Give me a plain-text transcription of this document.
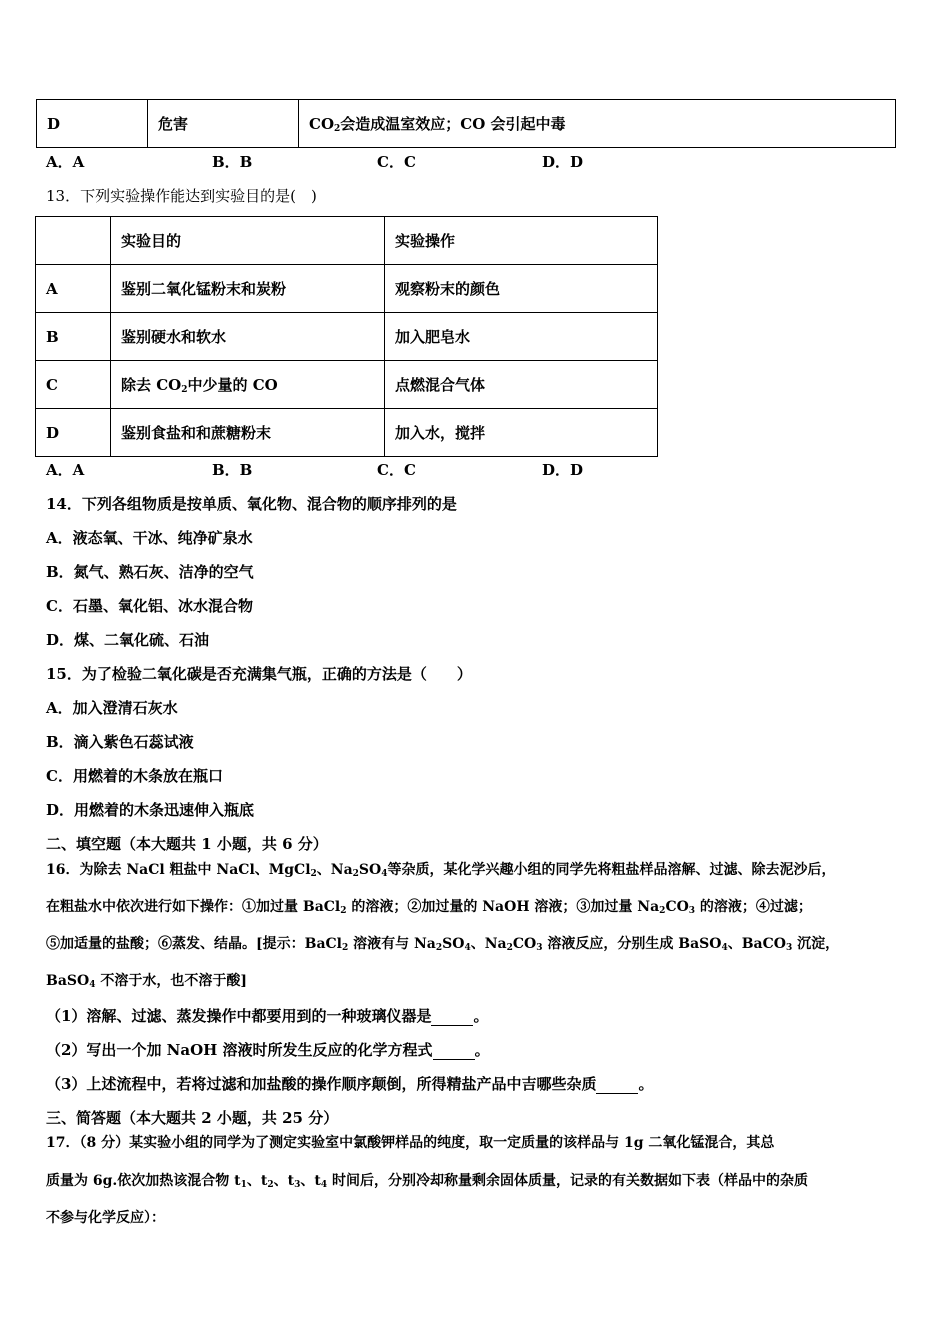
D	危害	$CO_2$会造成温室效应；CO 会引起中毒
A．A	B．B	C．C	D．D
13．下列实验操作能达到实验目的是(　)
	实验目的	实验操作
A	鉴别二氧化锰粉末和炭粉	观察粉末的颜色
B	鉴别硬水和软水	加入肥皂水
C	除去 $CO_2$中少量的 CO	点燃混合气体
D	鉴别食盐和和蔗糖粉末	加入水，搅拌
A．A	B．B	C．C	D．D
14．下列各组物质是按单质、氧化物、混合物的顺序排列的是
A．液态氧、干冰、纯净矿泉水
B．氮气、熟石灰、洁净的空气
C．石墨、氧化铝、冰水混合物
D．煤、二氧化硫、石油
15．为了检验二氧化碳是否充满集气瓶，正确的方法是（　　）
A．加入澄清石灰水
B．滴入紫色石蕊试液
C．用燃着的木条放在瓶口
D．用燃着的木条迅速伸入瓶底
二、填空题（本大题共 1 小题，共 6 分）
16．为除去 NaCl 粗盐中 NaCl、MgCl$_2$、$Na_2SO_4$等杂质，某化学兴趣小组的同学先将粗盐样品溶解、过滤、除去泥沙后，
在粗盐水中依次进行如下操作：①加过量 BaCl$_2$ 的溶液；②加过量的 NaOH 溶液；③加过量 $Na_2CO_3$ 的溶液；④过滤；
⑤加适量的盐酸；⑥蒸发、结晶。[提示：BaCl$_2$ 溶液有与 $Na_2SO_4$、$Na_2CO_3$ 溶液反应，分别生成 BaSO$_4$、BaCO$_3$ 沉淀，
BaSO$_4$ 不溶于水，也不溶于酸]
（1）溶解、过滤、蒸发操作中都要用到的一种玻璃仪器是	。
（2）写出一个加 NaOH 溶液时所发生反应的化学方程式	。
（3）上述流程中，若将过滤和加盐酸的操作顺序颠倒，所得精盐产品中吉哪些杂质	。
三、简答题（本大题共 2 小题，共 25 分）
17．（8 分）某实验小组的同学为了测定实验室中氯酸钾样品的纯度，取一定质量的该样品与 1g 二氧化锰混合，其总
质量为 6g.依次加热该混合物 $t_1$、$t_2$、$t_3$、$t_4$ 时间后，分别冷却称量剩余固体质量，记录的有关数据如下表（样品中的杂质
不参与化学反应）：
